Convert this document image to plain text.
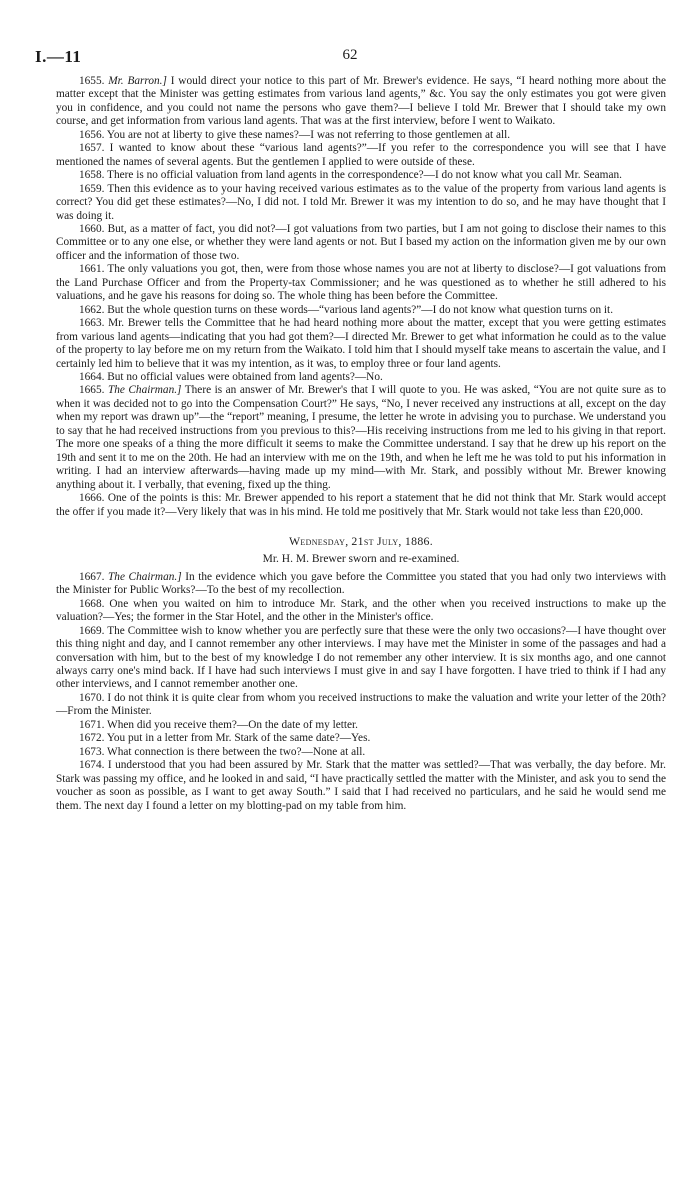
I.—11	62

1655. Mr. Barron.] I would direct your notice to this part of Mr. Brewer's evidence. He says, “I heard nothing more about the matter except that the Minister was getting estimates from various land agents,” &c. You say the only estimates you got were given you in confidence, and you could not name the persons who gave them?—I believe I told Mr. Brewer that I should take my own course, and get information from various land agents. That was at the first interview, before I went to Waikato.

1656. You are not at liberty to give these names?—I was not referring to those gentlemen at all.

1657. I wanted to know about these “various land agents?”—If you refer to the correspondence you will see that I have mentioned the names of several agents. But the gentlemen I applied to were outside of these.

1658. There is no official valuation from land agents in the correspondence?—I do not know what you call Mr. Seaman.

1659. Then this evidence as to your having received various estimates as to the value of the property from various land agents is correct? You did get these estimates?—No, I did not. I told Mr. Brewer it was my intention to do so, and he may have thought that I was doing it.

1660. But, as a matter of fact, you did not?—I got valuations from two parties, but I am not going to disclose their names to this Committee or to any one else, or whether they were land agents or not. But I based my action on the information given me by our own officer and the information of those two.

1661. The only valuations you got, then, were from those whose names you are not at liberty to disclose?—I got valuations from the Land Purchase Officer and from the Property-tax Commissioner; and he was questioned as to whether he still adhered to his valuations, and he gave his reasons for doing so. The whole thing has been before the Committee.

1662. But the whole question turns on these words—“various land agents?”—I do not know what question turns on it.

1663. Mr. Brewer tells the Committee that he had heard nothing more about the matter, except that you were getting estimates from various land agents—indicating that you had got them?—I directed Mr. Brewer to get what information he could as to the value of the property to lay before me on my return from the Waikato. I told him that I should myself take means to ascertain the value, and I certainly led him to believe that it was my intention, as it was, to employ three or four land agents.

1664. But no official values were obtained from land agents?—No.

1665. The Chairman.] There is an answer of Mr. Brewer's that I will quote to you. He was asked, “You are not quite sure as to when it was decided not to go into the Compensation Court?” He says, “No, I never received any instructions at all, except on the day when my report was drawn up”—the “report” meaning, I presume, the letter he wrote in advising you to purchase. We understand you to say that he had received instructions from you previous to this?—His receiving instructions from me led to his giving in that report. The more one speaks of a thing the more difficult it seems to make the Committee understand. I say that he drew up his report on the 19th and sent it to me on the 20th. He had an interview with me on the 19th, and when he left me he was told to put his information in writing. I had an interview afterwards—having made up my mind—with Mr. Stark, and possibly without Mr. Brewer knowing anything about it. I verbally, that evening, fixed up the thing.

1666. One of the points is this: Mr. Brewer appended to his report a statement that he did not think that Mr. Stark would accept the offer if you made it?—Very likely that was in his mind. He told me positively that Mr. Stark would not take less than £20,000.

Wednesday, 21st July, 1886.
Mr. H. M. Brewer sworn and re-examined.

1667. The Chairman.] In the evidence which you gave before the Committee you stated that you had only two interviews with the Minister for Public Works?—To the best of my recollection.

1668. One when you waited on him to introduce Mr. Stark, and the other when you received instructions to make up the valuation?—Yes; the former in the Star Hotel, and the other in the Minister's office.

1669. The Committee wish to know whether you are perfectly sure that these were the only two occasions?—I have thought over this thing night and day, and I cannot remember any other interviews. I may have met the Minister in some of the passages and had a conversation with him, but to the best of my knowledge I do not remember any other interview. It is six months ago, and one cannot always carry one's mind back. If I have had such interviews I must give in and say I have forgotten. I have tried to think if I had any other interviews, and I cannot remember another one.

1670. I do not think it is quite clear from whom you received instructions to make the valuation and write your letter of the 20th?—From the Minister.

1671. When did you receive them?—On the date of my letter.

1672. You put in a letter from Mr. Stark of the same date?—Yes.

1673. What connection is there between the two?—None at all.

1674. I understood that you had been assured by Mr. Stark that the matter was settled?—That was verbally, the day before. Mr. Stark was passing my office, and he looked in and said, “I have practically settled the matter with the Minister, and ask you to send the voucher as soon as possible, as I want to get away South.” I said that I had received no particulars, and he said he would send me them. The next day I found a letter on my blotting-pad on my table from him.
